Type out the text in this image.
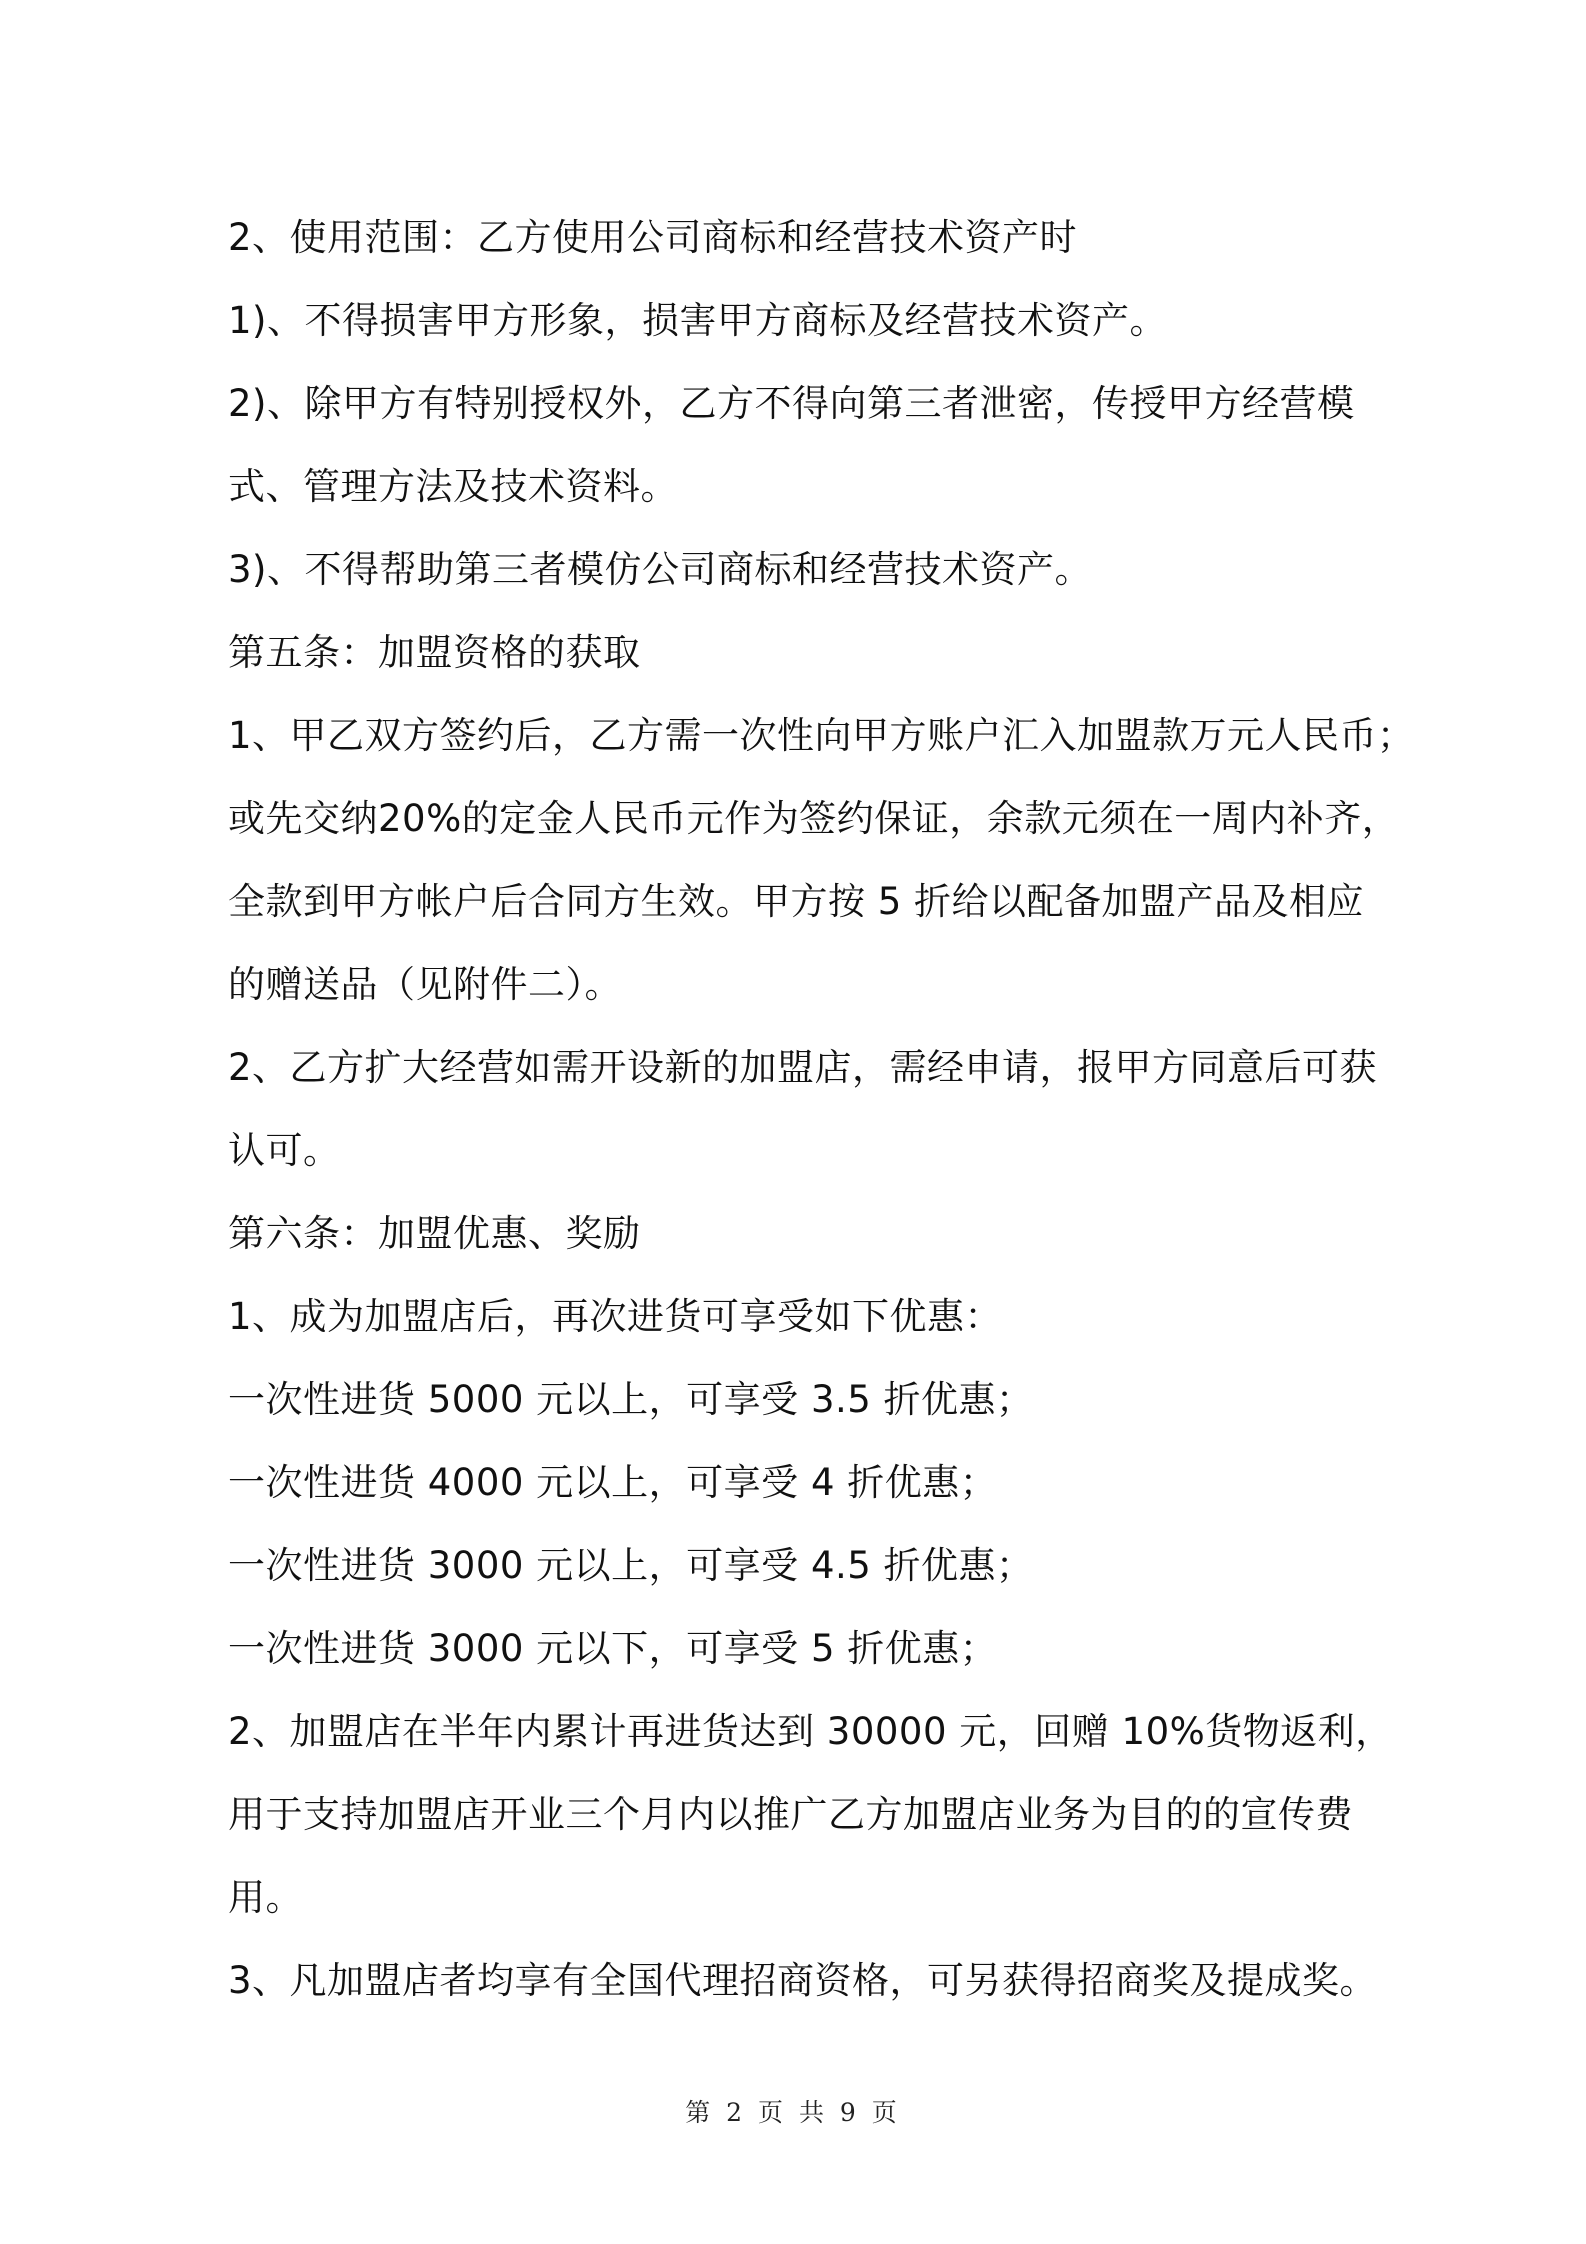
2、使用范围：乙方使用公司商标和经营技术资产时
1)、不得损害甲方形象，损害甲方商标及经营技术资产。
2)、除甲方有特别授权外，乙方不得向第三者泄密，传授甲方经营模
式、管理方法及技术资料。
3)、不得帮助第三者模仿公司商标和经营技术资产。
第五条：加盟资格的获取
1、甲乙双方签约后，乙方需一次性向甲方账户汇入加盟款万元人民币；
或先交纳20%的定金人民币元作为签约保证，余款元须在一周内补齐，
全款到甲方帐户后合同方生效。甲方按 5 折给以配备加盟产品及相应
的赠送品（见附件二）。
2、乙方扩大经营如需开设新的加盟店，需经申请，报甲方同意后可获
认可。
第六条：加盟优惠、奖励
1、成为加盟店后，再次进货可享受如下优惠：
一次性进货 5000 元以上，可享受 3.5 折优惠；
一次性进货 4000 元以上，可享受 4 折优惠；
一次性进货 3000 元以上，可享受 4.5 折优惠；
一次性进货 3000 元以下，可享受 5 折优惠；
2、加盟店在半年内累计再进货达到 30000 元，回赠 10%货物返利，
用于支持加盟店开业三个月内以推广乙方加盟店业务为目的的宣传费
用。
3、凡加盟店者均享有全国代理招商资格，可另获得招商奖及提成奖。
第 2 页 共 9 页
